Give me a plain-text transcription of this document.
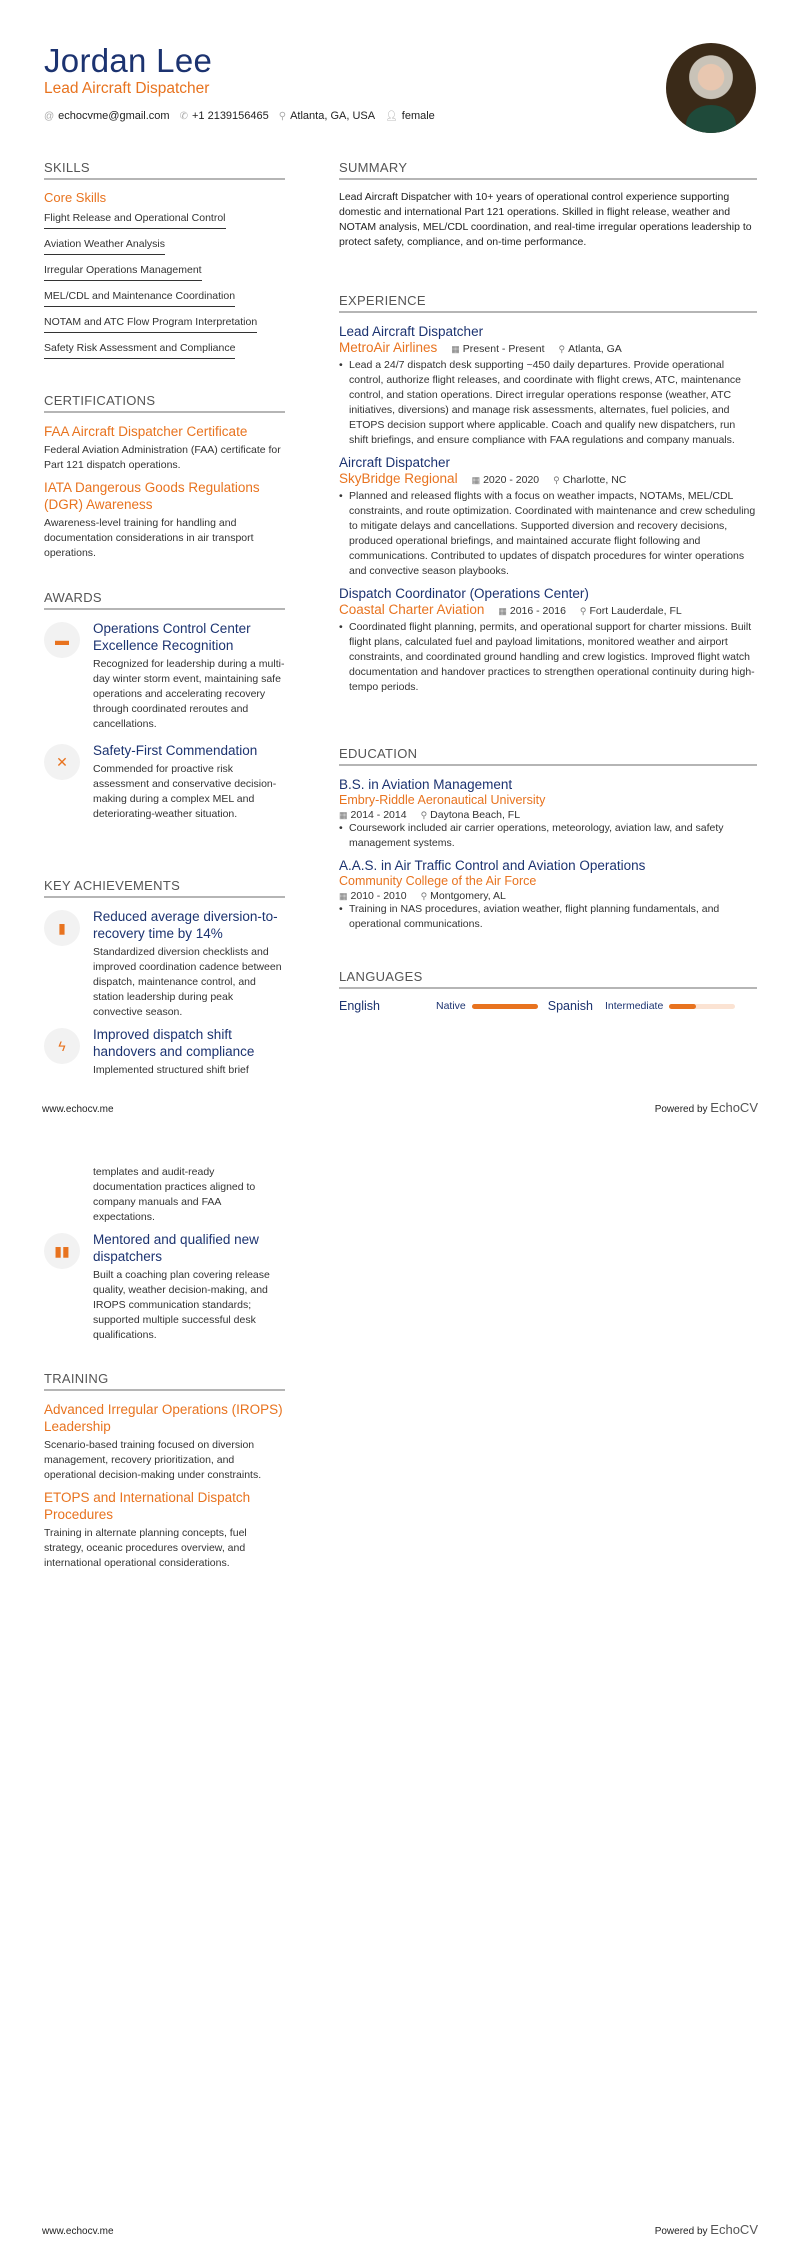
Jordan Lee
Lead Aircraft Dispatcher
@ echocvme@gmail.com ✆ +1 2139156465 ⚲ Atlanta, GA, USA 👤︎ female
SKILLS
Core Skills
Flight Release and Operational Control
Aviation Weather Analysis
Irregular Operations Management
MEL/CDL and Maintenance Coordination
NOTAM and ATC Flow Program Interpretation
Safety Risk Assessment and Compliance

CERTIFICATIONS
FAA Aircraft Dispatcher Certificate
Federal Aviation Administration (FAA) certificate for Part 121 dispatch operations.
IATA Dangerous Goods Regulations (DGR) Awareness
Awareness-level training for handling and documentation considerations in air transport operations.
AWARDS
▬
Operations Control Center Excellence Recognition
Recognized for leadership during a multi-day winter storm event, maintaining safe operations and accelerating recovery through coordinated reroutes and cancellations.
✕
Safety-First Commendation
Commended for proactive risk assessment and conservative decision-making during a complex MEL and deteriorating-weather situation.
KEY ACHIEVEMENTS
▮
Reduced average diversion-to-recovery time by 14%
Standardized diversion checklists and improved coordination cadence between dispatch, maintenance control, and station leadership during peak convective season.
ϟ
Improved dispatch shift handovers and compliance
Implemented structured shift brief
SUMMARY
Lead Aircraft Dispatcher with 10+ years of operational control experience supporting domestic and international Part 121 operations. Skilled in flight release, weather and NOTAM analysis, MEL/CDL coordination, and real-time irregular operations leadership to protect safety, compliance, and on-time performance.
EXPERIENCE
Lead Aircraft Dispatcher
MetroAir Airlines ▦ Present - Present ⚲ Atlanta, GA
• Lead a 24/7 dispatch desk supporting ~450 daily departures. Provide operational control, authorize flight releases, and coordinate with flight crews, ATC, maintenance control, and station operations. Direct irregular operations response (weather, ATC initiatives, diversions) and manage risk assessments, alternates, fuel policies, and ETOPS decision support where applicable. Coach and qualify new dispatchers, run shift briefings, and ensure compliance with FAA regulations and company manuals.
Aircraft Dispatcher
SkyBridge Regional ▦ 2020 - 2020 ⚲ Charlotte, NC
• Planned and released flights with a focus on weather impacts, NOTAMs, MEL/CDL constraints, and route optimization. Coordinated with maintenance and crew scheduling to mitigate delays and cancellations. Supported diversion and recovery decisions, produced operational briefings, and maintained accurate flight following and communications. Contributed to updates of dispatch procedures for winter operations and convective season playbooks.
Dispatch Coordinator (Operations Center)
Coastal Charter Aviation ▦ 2016 - 2016 ⚲ Fort Lauderdale, FL
• Coordinated flight planning, permits, and operational support for charter missions. Built flight plans, calculated fuel and payload limitations, monitored weather and airport constraints, and coordinated ground handling and crew logistics. Improved flight watch documentation and handover practices to strengthen operational continuity during high-tempo periods.
EDUCATION
B.S. in Aviation Management
Embry-Riddle Aeronautical University
▦ 2014 - 2014 ⚲ Daytona Beach, FL
• Coursework included air carrier operations, meteorology, aviation law, and safety management systems.
A.A.S. in Air Traffic Control and Aviation Operations
Community College of the Air Force
▦ 2010 - 2010 ⚲ Montgomery, AL
• Training in NAS procedures, aviation weather, flight planning fundamentals, and operational communications.
LANGUAGES
English	Native	Spanish Intermediate
www.echocv.me	Powered by EchoCV
templates and audit-ready documentation practices aligned to company manuals and FAA expectations.
▮▮
Mentored and qualified new dispatchers
Built a coaching plan covering release quality, weather decision-making, and IROPS communication standards; supported multiple successful desk qualifications.
TRAINING
Advanced Irregular Operations (IROPS) Leadership
Scenario-based training focused on diversion management, recovery prioritization, and operational decision-making under constraints.
ETOPS and International Dispatch Procedures
Training in alternate planning concepts, fuel strategy, oceanic procedures overview, and international operational considerations.
www.echocv.me	Powered by EchoCV
